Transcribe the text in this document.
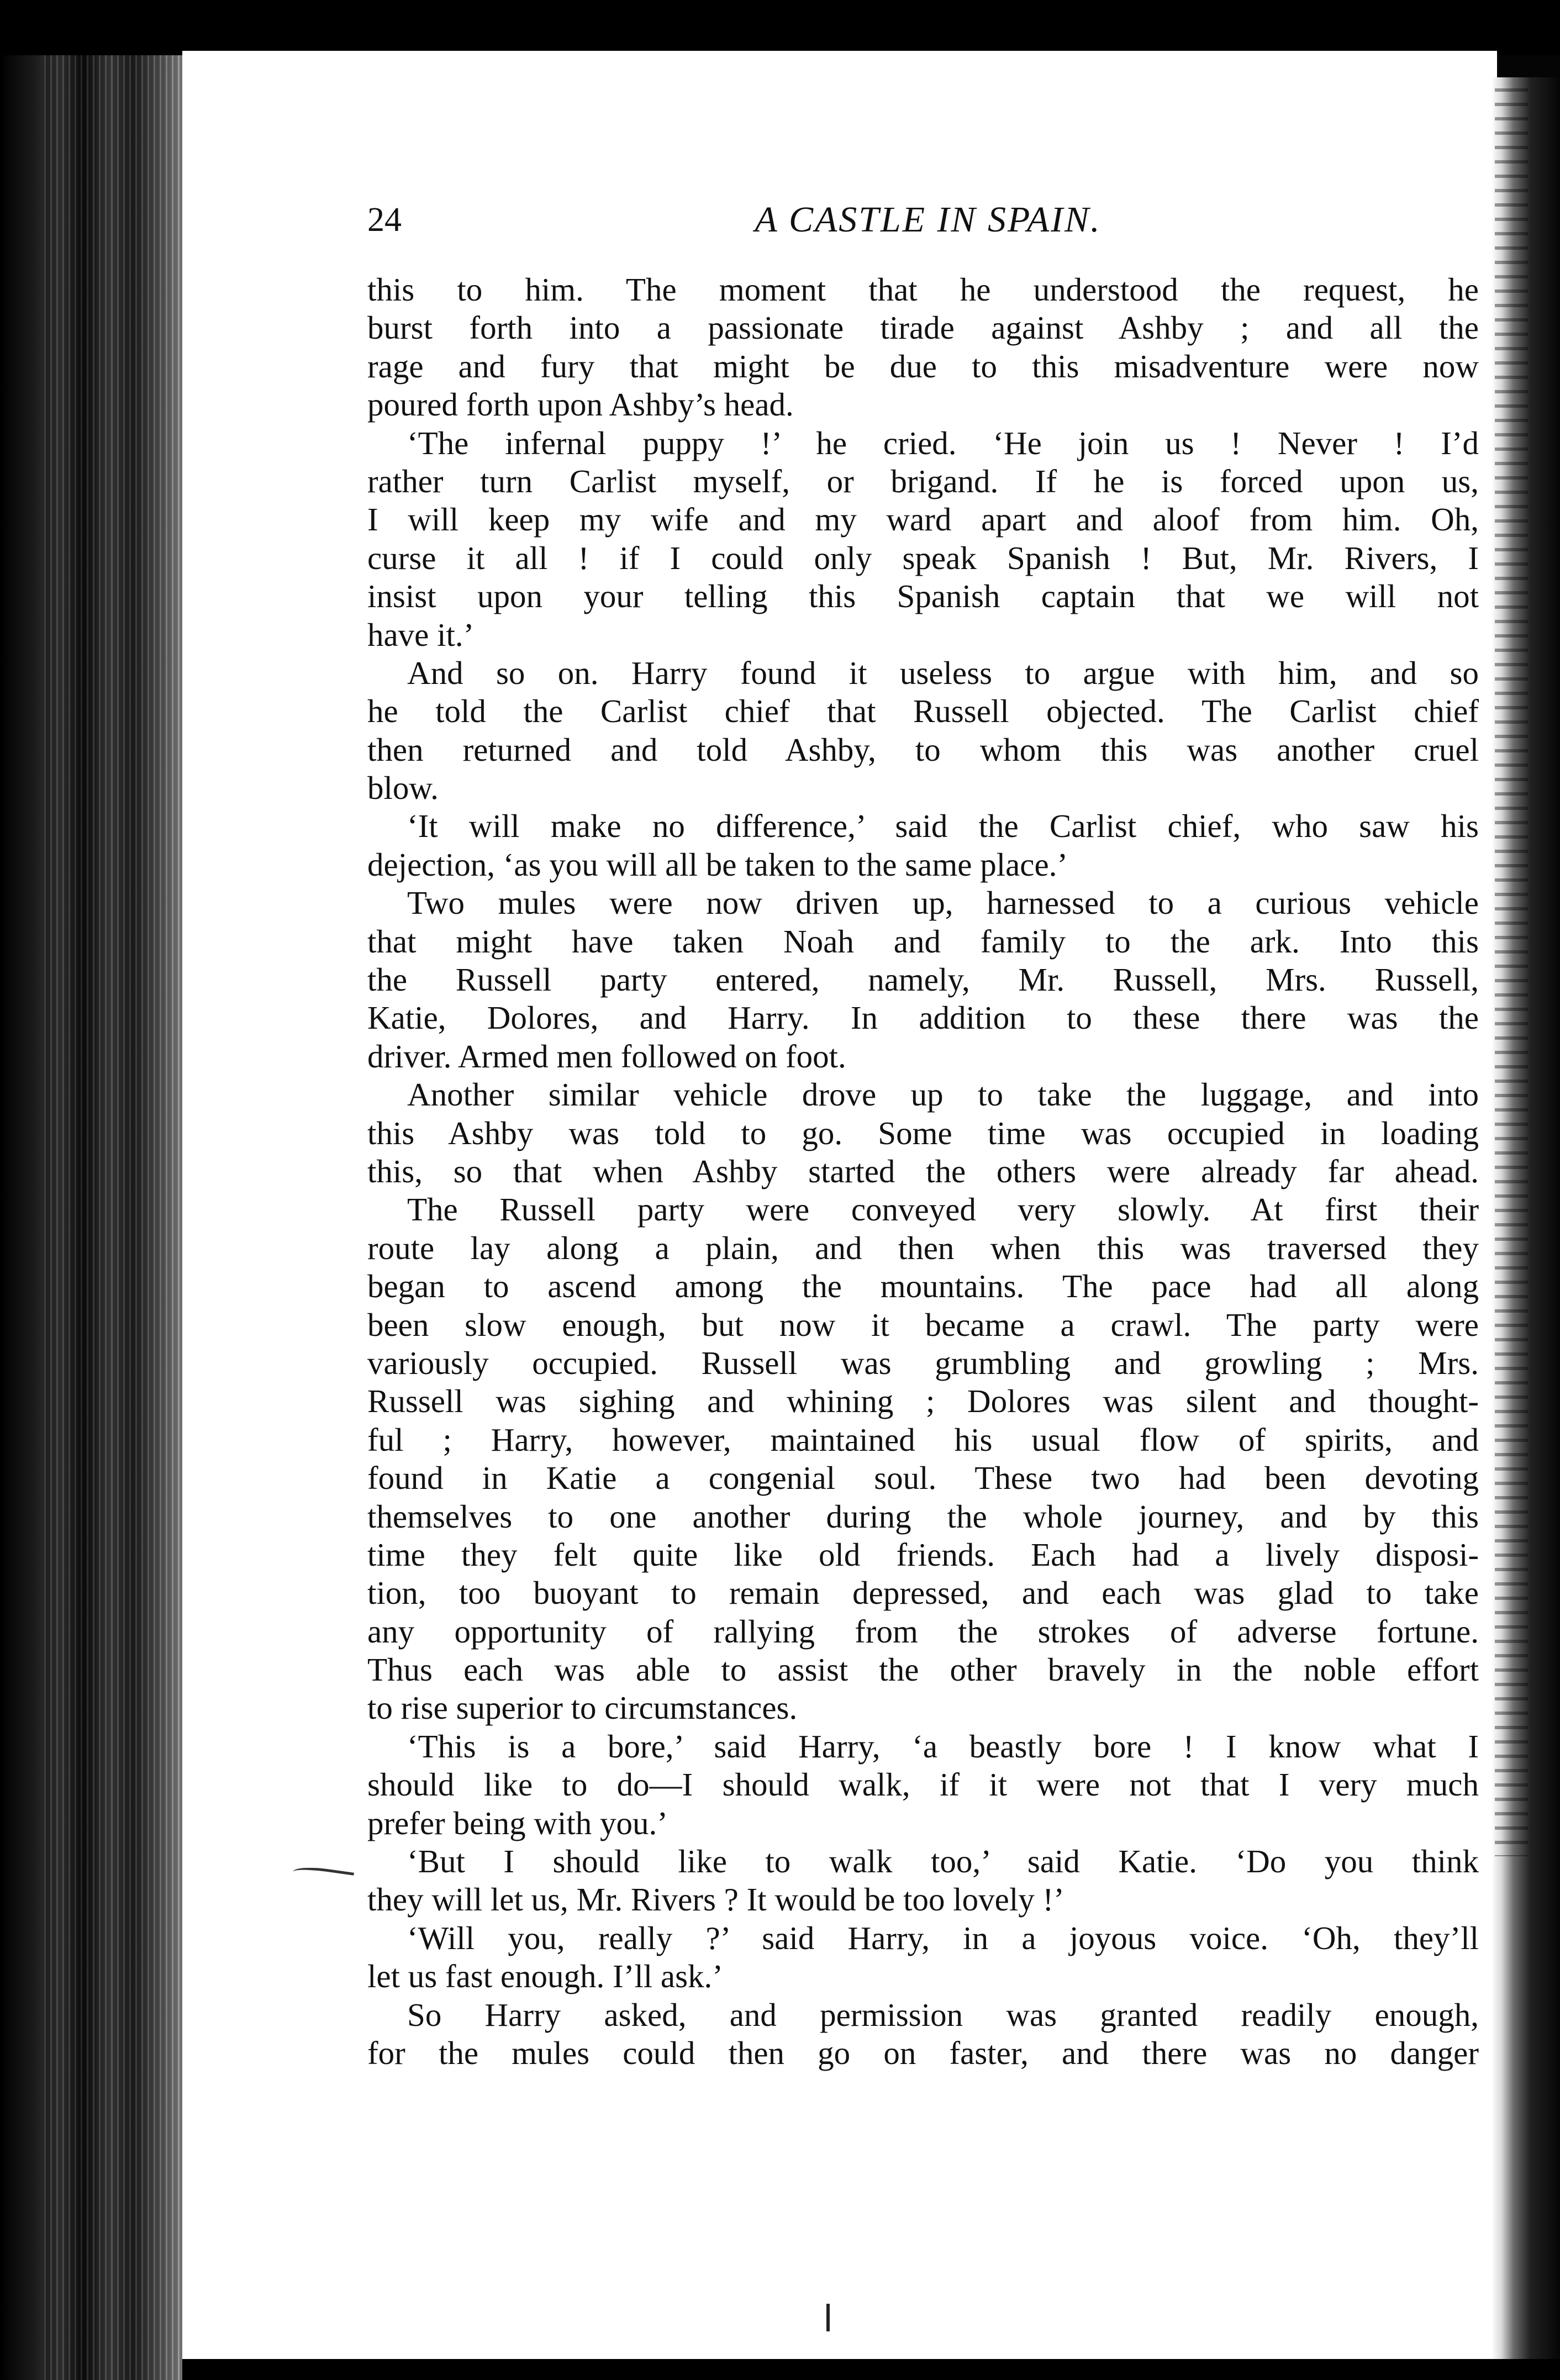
24	A CASTLE IN SPAIN.
this to him. The moment that he understood the request, he
burst forth into a passionate tirade against Ashby ; and all the
rage and fury that might be due to this misadventure were now
poured forth upon Ashby’s head.
‘The infernal puppy !’ he cried. ‘He join us ! Never ! I’d
rather turn Carlist myself, or brigand. If he is forced upon us,
I will keep my wife and my ward apart and aloof from him. Oh,
curse it all ! if I could only speak Spanish ! But, Mr. Rivers, I
insist upon your telling this Spanish captain that we will not
have it.’
And so on. Harry found it useless to argue with him, and so
he told the Carlist chief that Russell objected. The Carlist chief
then returned and told Ashby, to whom this was another cruel
blow.
‘It will make no difference,’ said the Carlist chief, who saw his
dejection, ‘as you will all be taken to the same place.’
Two mules were now driven up, harnessed to a curious vehicle
that might have taken Noah and family to the ark. Into this
the Russell party entered, namely, Mr. Russell, Mrs. Russell,
Katie, Dolores, and Harry. In addition to these there was the
driver. Armed men followed on foot.
Another similar vehicle drove up to take the luggage, and into
this Ashby was told to go. Some time was occupied in loading
this, so that when Ashby started the others were already far ahead.
The Russell party were conveyed very slowly. At first their
route lay along a plain, and then when this was traversed they
began to ascend among the mountains. The pace had all along
been slow enough, but now it became a crawl. The party were
variously occupied. Russell was grumbling and growling ; Mrs.
Russell was sighing and whining ; Dolores was silent and thought-
ful ; Harry, however, maintained his usual flow of spirits, and
found in Katie a congenial soul. These two had been devoting
themselves to one another during the whole journey, and by this
time they felt quite like old friends. Each had a lively disposi-
tion, too buoyant to remain depressed, and each was glad to take
any opportunity of rallying from the strokes of adverse fortune.
Thus each was able to assist the other bravely in the noble effort
to rise superior to circumstances.
‘This is a bore,’ said Harry, ‘a beastly bore ! I know what I
should like to do—I should walk, if it were not that I very much
prefer being with you.’
‘But I should like to walk too,’ said Katie. ‘Do you think
they will let us, Mr. Rivers ? It would be too lovely !’
‘Will you, really ?’ said Harry, in a joyous voice. ‘Oh, they’ll
let us fast enough. I’ll ask.’
So Harry asked, and permission was granted readily enough,
for the mules could then go on faster, and there was no danger
